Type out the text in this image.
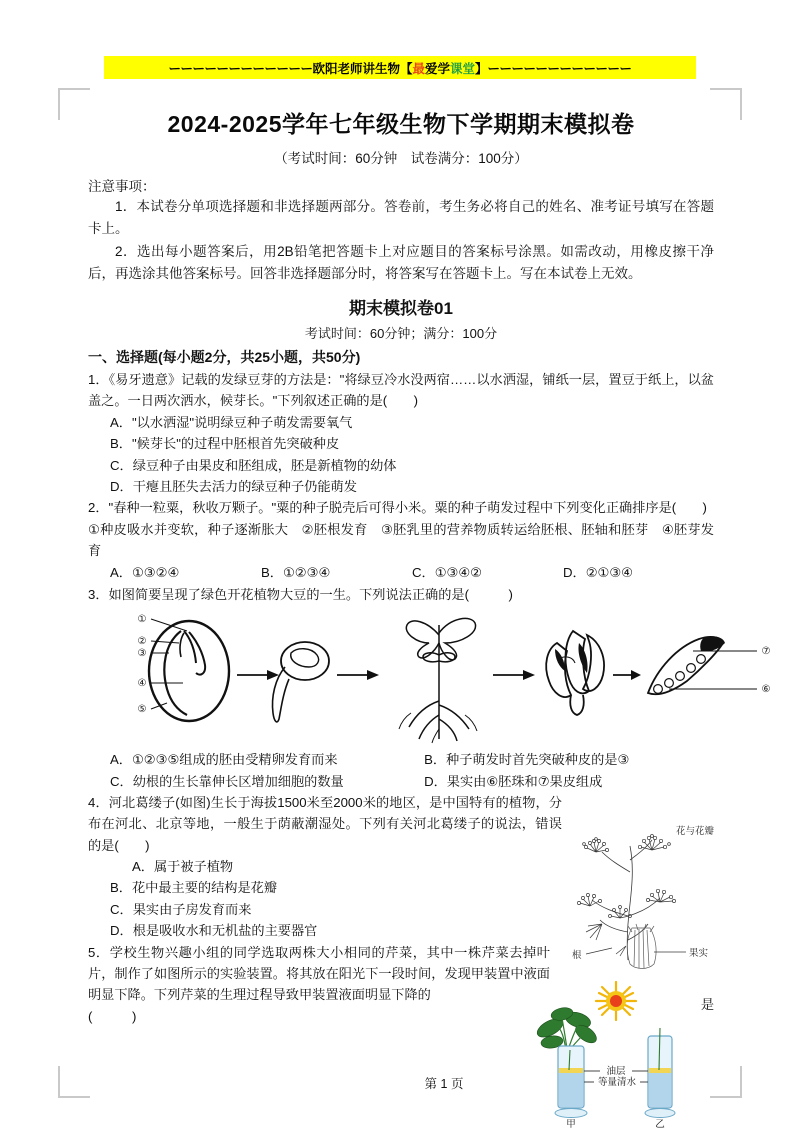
ーーーーーーーーーーーー 欧阳老师讲生物【 最 爱学 课堂 】 ーーーーーーーーーーーー
2024-2025学年七年级生物下学期期末模拟卷
（考试时间：60分钟　试卷满分：100分）
注意事项：

1．本试卷分单项选择题和非选择题两部分。答卷前，考生务必将自己的姓名、准考证号填写在答题卡上。

2．选出每小题答案后，用2B铅笔把答题卡上对应题目的答案标号涂黑。如需改动，用橡皮擦干净后，再选涂其他答案标号。回答非选择题部分时，将答案写在答题卡上。写在本试卷上无效。

期末模拟卷01
考试时间：60分钟；满分：100分
一、选择题(每小题2分，共25小题，共50分)
1．《易牙遗意》记载的发绿豆芽的方法是："将绿豆冷水没两宿……以水洒湿，铺纸一层，置豆于纸上，以盆盖之。一日两次洒水，候芽长。"下列叙述正确的是(　　)
A．"以水洒湿"说明绿豆种子萌发需要氧气
B．"候芽长"的过程中胚根首先突破种皮
C．绿豆种子由果皮和胚组成，胚是新植物的幼体
D．干瘪且胚失去活力的绿豆种子仍能萌发
2．"春种一粒粟，秋收万颗子。"粟的种子脱壳后可得小米。粟的种子萌发过程中下列变化正确排序是(　　)
①种皮吸水并变软，种子逐渐胀大　②胚根发育　③胚乳里的营养物质转运给胚根、胚轴和胚芽　④胚芽发育
A．①③②④	B．①②③④	C．①③④②	D．②①③④
3．如图简要呈现了绿色开花植物大豆的一生。下列说法正确的是(　　　)
①
②
③
④
⑤
⑦
⑥
A．①②③⑤组成的胚由受精卵发育而来	B．种子萌发时首先突破种皮的是③
C．幼根的生长靠伸长区增加细胞的数量	D．果实由⑥胚珠和⑦果皮组成
4．河北葛缕子(如图)生长于海拔1500米至2000米的地区，是中国特有的植物，分布在河北、北京等地，一般生于荫蔽潮湿处。下列有关河北葛缕子的说法，错误的是(　　)
A．属于被子植物
B．花中最主要的结构是花瓣
C．果实由子房发育而来
D．根是吸收水和无机盐的主要器官
花与花瓣
果实
根
5．学校生物兴趣小组的同学选取两株大小相同的芹菜，其中一株芹菜去掉叶片，制作了如图所示的实验装置。将其放在阳光下一段时间，发现甲装置中液面明显下降。下列芹菜的生理过程导致甲装置液面明显下降的
(　　　)
是
油层
等量清水
甲	乙
第 1 页
